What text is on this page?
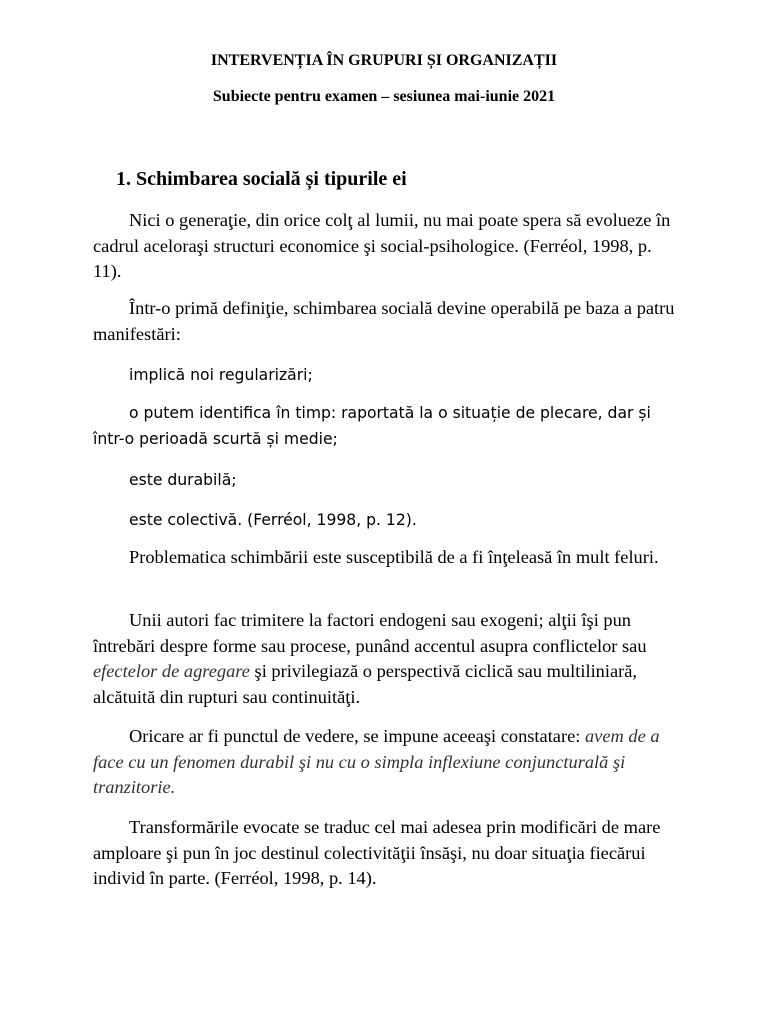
INTERVENȚIA ÎN GRUPURI ȘI ORGANIZAȚII
Subiecte pentru examen – sesiunea mai-iunie 2021
1. Schimbarea socială și tipurile ei

Nici o generaţie, din orice colţ al lumii, nu mai poate spera să evolueze în cadrul aceloraşi structuri economice şi social-psihologice. (Ferréol, 1998, p. 11).

Într-o primă definiţie, schimbarea socială devine operabilă pe baza a patru manifestări:

implică noi regularizări;

o putem identifica în timp: raportată la o situație de plecare, dar și într-o perioadă scurtă și medie;

este durabilă;

este colectivă. (Ferréol, 1998, p. 12).

Problematica schimbării este susceptibilă de a fi înţeleasă în mult feluri.

Unii autori fac trimitere la factori endogeni sau exogeni; alţii îşi pun întrebări despre forme sau procese, punând accentul asupra conflictelor sau efectelor de agregare şi privilegiază o perspectivă ciclică sau multiliniară, alcătuită din rupturi sau continuităţi.

Oricare ar fi punctul de vedere, se impune aceeaşi constatare: avem de a face cu un fenomen durabil şi nu cu o simpla inflexiune conjuncturală şi tranzitorie.

Transformările evocate se traduc cel mai adesea prin modificări de mare amploare şi pun în joc destinul colectivităţii însăşi, nu doar situaţia fiecărui individ în parte. (Ferréol, 1998, p. 14).
